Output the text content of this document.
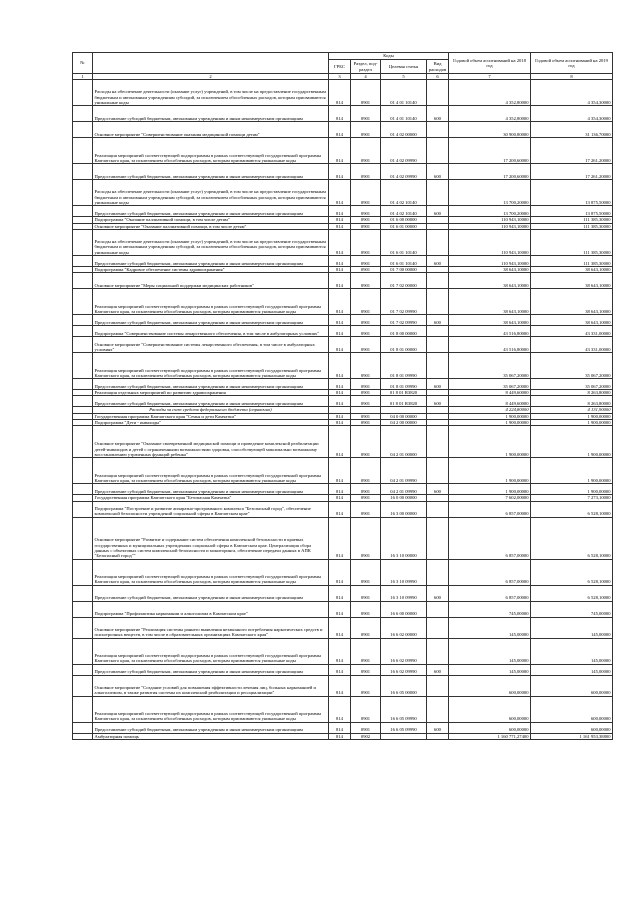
№		Коды				Годовой объем ассигнований на 2018 год	Годовой объем ассигнований на 2019 год
		ГРБС	Раздел, под-раздел	Целевая статья	Вид расходов		
1	2	3	4	5	6	7	8
	Расходы на обеспечение деятельности (оказание услуг) учреждений, в том числе на предоставление государственным бюджетным и автономным учреждениям субсидий, за исключением обособленных расходов, которым присваиваются уникальные коды	814	0901	01 4 01 10140		4 352,80000	4 354,30000
	Предоставление субсидий бюджетным, автономным учреждениям и иным некоммерческим организациям	814	0901	01 4 01 10140	600	4 352,80000	4 354,30000
	Основное мероприятие "Совершенствование оказания медицинской помощи детям"	814	0901	01 4 02 00000		30 900,80000	31 136,70000
	Реализация мероприятий соответствующей подпрограммы в рамках соответствующей государственной программы Камчатского края, за исключением обособленных расходов, которым присваиваются уникальные коды	814	0901	01 4 02 09990		17 200,60000	17 261,20000
	Предоставление субсидий бюджетным, автономным учреждениям и иным некоммерческим организациям	814	0901	01 4 02 09990	600	17 200,60000	17 261,20000
	Расходы на обеспечение деятельности (оказание услуг) учреждений, в том числе на предоставление государственным бюджетным и автономным учреждениям субсидий, за исключением обособленных расходов, которым присваиваются уникальные коды	814	0901	01 4 02 10140		13 700,20000	13 875,50000
	Предоставление субсидий бюджетным, автономным учреждениям и иным некоммерческим организациям	814	0901	01 4 02 10140	600	13 700,20000	13 875,50000
	Подпрограмма "Оказание паллиативной помощи, в том числе детям"	814	0901	01 6 00 00000		110 943,10000	111 385,30000
	Основное мероприятие "Оказание паллиативной помощи, в том числе детям"	814	0901	01 6 01 00000		110 943,10000	111 385,30000
	Расходы на обеспечение деятельности (оказание услуг) учреждений, в том числе на предоставление государственным бюджетным и автономным учреждениям субсидий, за исключением обособленных расходов, которым присваиваются уникальные коды	814	0901	01 6 01 10140		110 943,10000	111 385,30000
	Предоставление субсидий бюджетным, автономным учреждениям и иным некоммерческим организациям	814	0901	01 6 01 10140	600	110 943,10000	111 385,30000
	Подпрограмма "Кадровое обеспечение системы здравоохранения"	814	0901	01 7 00 00000		38 643,10000	38 643,10000
	Основное мероприятие "Меры социальной поддержки медицинских работников"	814	0901	01 7 02 00000		38 643,10000	38 643,10000
	Реализация мероприятий соответствующей подпрограммы в рамках соответствующей государственной программы Камчатского края, за исключением обособленных расходов, которым присваиваются уникальные коды	814	0901	01 7 02 09990		38 643,10000	38 643,10000
	Предоставление субсидий бюджетным, автономным учреждениям и иным некоммерческим организациям	814	0901	01 7 02 09990	600	38 643,10000	38 643,10000
	Подпрограмма "Совершенствование системы лекарственного обеспечения, в том числе в амбулаторных условиях"	814	0901	01 8 00 00000		43 516,80000	43 331,00000
	Основное мероприятие "Совершенствование системы лекарственного обеспечения, в том числе в амбулаторных условиях"	814	0901	01 8 01 00000		43 516,80000	43 331,00000
	Реализация мероприятий соответствующей подпрограммы в рамках соответствующей государственной программы Камчатского края, за исключением обособленных расходов, которым присваиваются уникальные коды	814	0901	01 8 01 09990		35 067,20000	35 067,20000
	Предоставление субсидий бюджетным, автономным учреждениям и иным некоммерческим организациям	814	0901	01 8 01 09990	600	35 067,20000	35 067,20000
	Реализация отдельных мероприятий по развитию здравоохранения	814	0901	01 8 01 R3820		8 449,60000	8 263,80000
	Предоставление субсидий бюджетным, автономным учреждениям и иным некоммерческим организациям	814	0901	01 8 01 R3820	600	8 449,60000	8 263,80000
	Расходы за счет средств федерального бюджета (справочно)					4 224,80000	4 131,90000
	Государственная программа Камчатского края "Семья и дети Камчатки"	814	0901	04 0 00 00000		1 900,00000	1 900,00000
	Подпрограмма "Дети - инвалиды"	814	0901	04 2 00 00000		1 900,00000	1 900,00000
	Основное мероприятие "Оказание своевременной медицинской помощи и проведение комплексной реабилитации детей-инвалидов и детей с ограниченными возможностями здоровья, способствующей максимально возможному восстановлению утраченных функций ребенка"	814	0901	04 2 01 00000		1 900,00000	1 900,00000
	Реализация мероприятий соответствующей подпрограммы в рамках соответствующей государственной программы Камчатского края, за исключением обособленных расходов, которым присваиваются уникальные коды	814	0901	04 2 01 09990		1 900,00000	1 900,00000
	Предоставление субсидий бюджетным, автономным учреждениям и иным некоммерческим организациям	814	0901	04 2 01 09990	600	1 900,00000	1 900,00000
	Государственная программа Камчатского края "Безопасная Камчатка"	814	0901	16 0 00 00000		7 602,00000	7 273,10000
	Подпрограмма "Построение и развитие аппаратно-программного комплекса "Безопасный город", обеспечение комплексной безопасности учреждений социальной сферы в Камчатском крае"	814	0901	16 3 00 00000		6 857,00000	6 528,10000
	Основное мероприятие "Развитие и содержание систем обеспечения комплексной безопасности в краевых государственных и муниципальных учреждениях социальной сферы в Камчатском крае. Централизация сбора данных с объектовых систем комплексной безопасности и мониторинга, обеспечение передачи данных в АПК "Безопасный город""	814	0901	16 3 10 00000		6 857,00000	6 528,10000
	Реализация мероприятий соответствующей подпрограммы в рамках соответствующей государственной программы Камчатского края, за исключением обособленных расходов, которым присваиваются уникальные коды	814	0901	16 3 10 09990		6 857,00000	6 528,10000
	Предоставление субсидий бюджетным, автономным учреждениям и иным некоммерческим организациям	814	0901	16 3 10 09990	600	6 857,00000	6 528,10000
	Подпрограмма "Профилактика наркомании и алкоголизма в Камчатском крае"	814	0901	16 6 00 00000		745,00000	745,00000
	Основное мероприятие "Реализация системы раннего выявления незаконного потребления наркотических средств и психотропных веществ, в том числе в образовательных организациях Камчатского края"	814	0901	16 6 02 00000		145,00000	145,00000
	Реализация мероприятий соответствующей подпрограммы в рамках соответствующей государственной программы Камчатского края, за исключением обособленных расходов, которым присваиваются уникальные коды	814	0901	16 6 02 09990		145,00000	145,00000
	Предоставление субсидий бюджетным, автономным учреждениям и иным некоммерческим организациям	814	0901	16 6 02 09990	600	145,00000	145,00000
	Основное мероприятие "Создание условий для повышения эффективности лечения лиц, больных наркоманией и алкоголизмом, в также развития системы их комплексной реабилитации и ресоциализации"	814	0901	16 6 05 00000		600,00000	600,00000
	Реализация мероприятий соответствующей подпрограммы в рамках соответствующей государственной программы Камчатского края, за исключением обособленных расходов, которым присваиваются уникальные коды	814	0901	16 6 05 09990		600,00000	600,00000
	Предоставление субсидий бюджетным, автономным учреждениям и иным некоммерческим организациям	814	0901	16 6 05 09990	600	600,00000	600,00000
	Амбулаторная помощь	814	0902			1 160 771,27400	1 161 953,38800
